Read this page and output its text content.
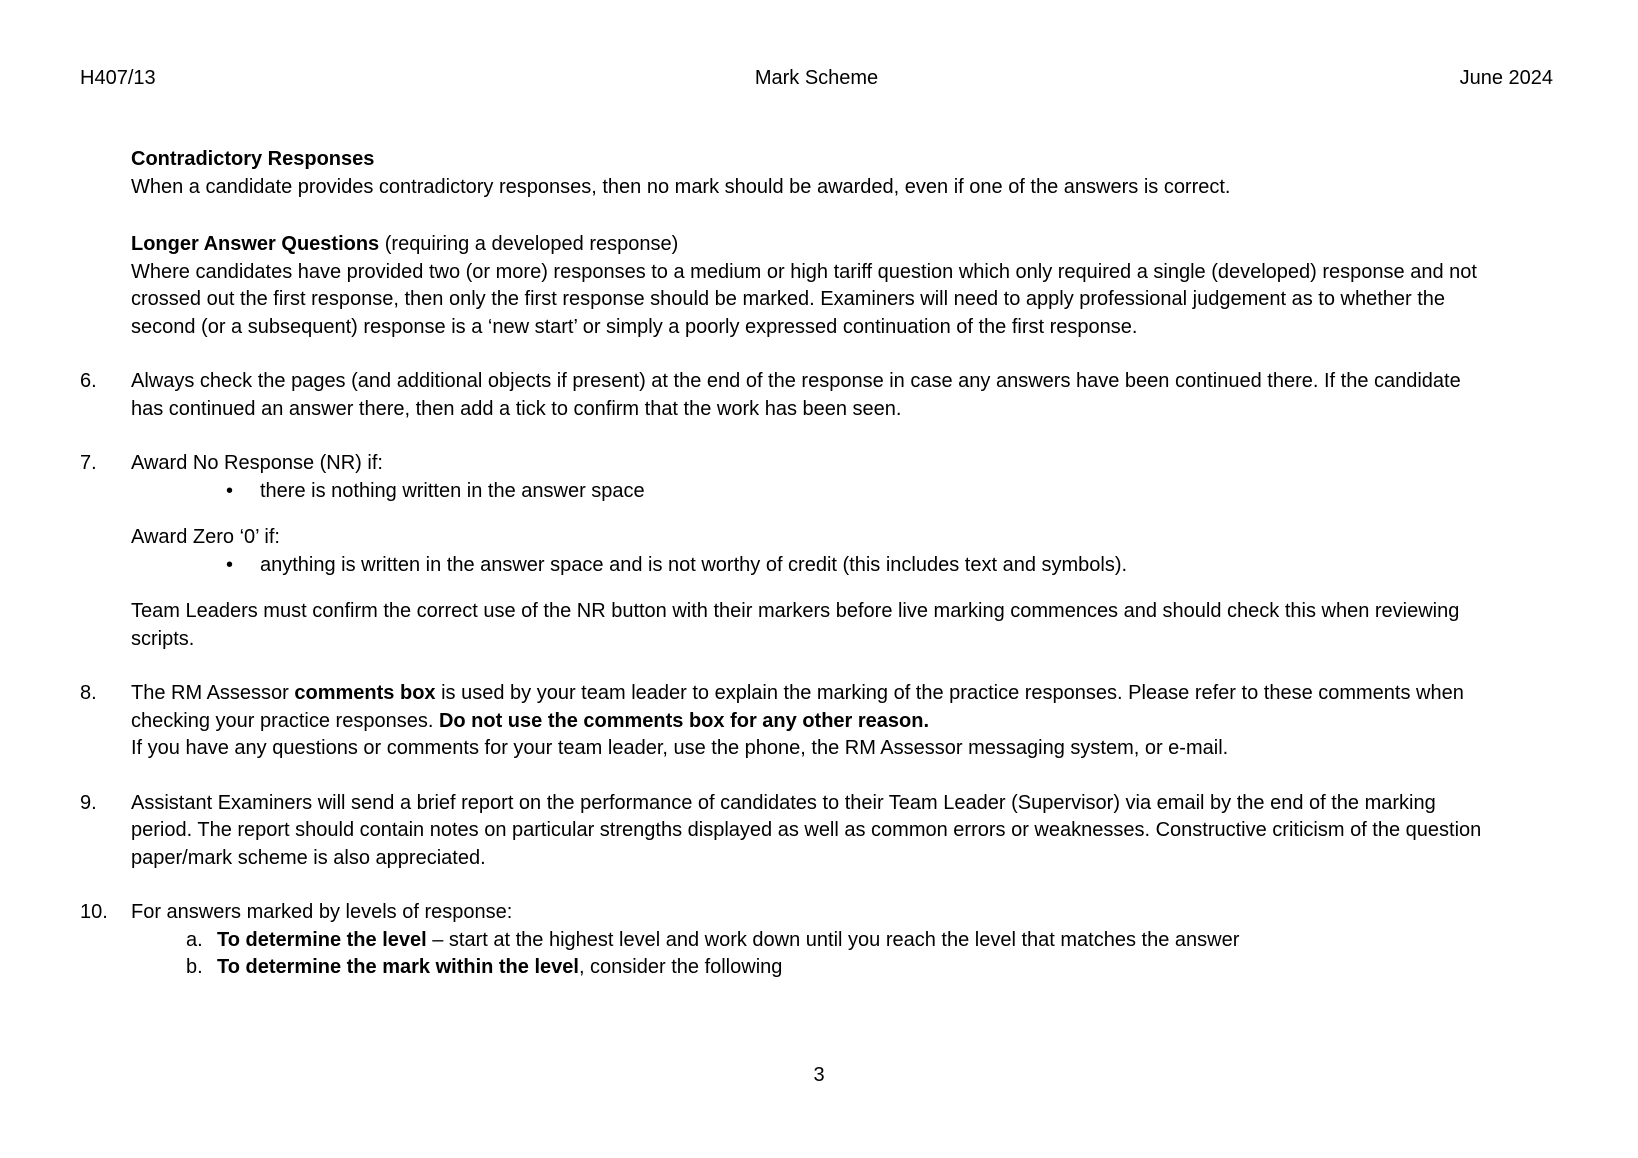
H407/13	Mark Scheme	June 2024
Contradictory Responses
When a candidate provides contradictory responses, then no mark should be awarded, even if one of the answers is correct.
Longer Answer Questions (requiring a developed response)
Where candidates have provided two (or more) responses to a medium or high tariff question which only required a single (developed) response and not crossed out the first response, then only the first response should be marked. Examiners will need to apply professional judgement as to whether the second (or a subsequent) response is a ‘new start’ or simply a poorly expressed continuation of the first response.
6.	Always check the pages (and additional objects if present) at the end of the response in case any answers have been continued there. If the candidate has continued an answer there, then add a tick to confirm that the work has been seen.
7.	Award No Response (NR) if:
•	there is nothing written in the answer space
Award Zero ‘0’ if:
•	anything is written in the answer space and is not worthy of credit (this includes text and symbols).
Team Leaders must confirm the correct use of the NR button with their markers before live marking commences and should check this when reviewing scripts.
8.	The RM Assessor comments box is used by your team leader to explain the marking of the practice responses. Please refer to these comments when checking your practice responses. Do not use the comments box for any other reason.
If you have any questions or comments for your team leader, use the phone, the RM Assessor messaging system, or e-mail.
9.	Assistant Examiners will send a brief report on the performance of candidates to their Team Leader (Supervisor) via email by the end of the marking period. The report should contain notes on particular strengths displayed as well as common errors or weaknesses. Constructive criticism of the question paper/mark scheme is also appreciated.
10.	For answers marked by levels of response:
a. To determine the level – start at the highest level and work down until you reach the level that matches the answer
b. To determine the mark within the level, consider the following
3
